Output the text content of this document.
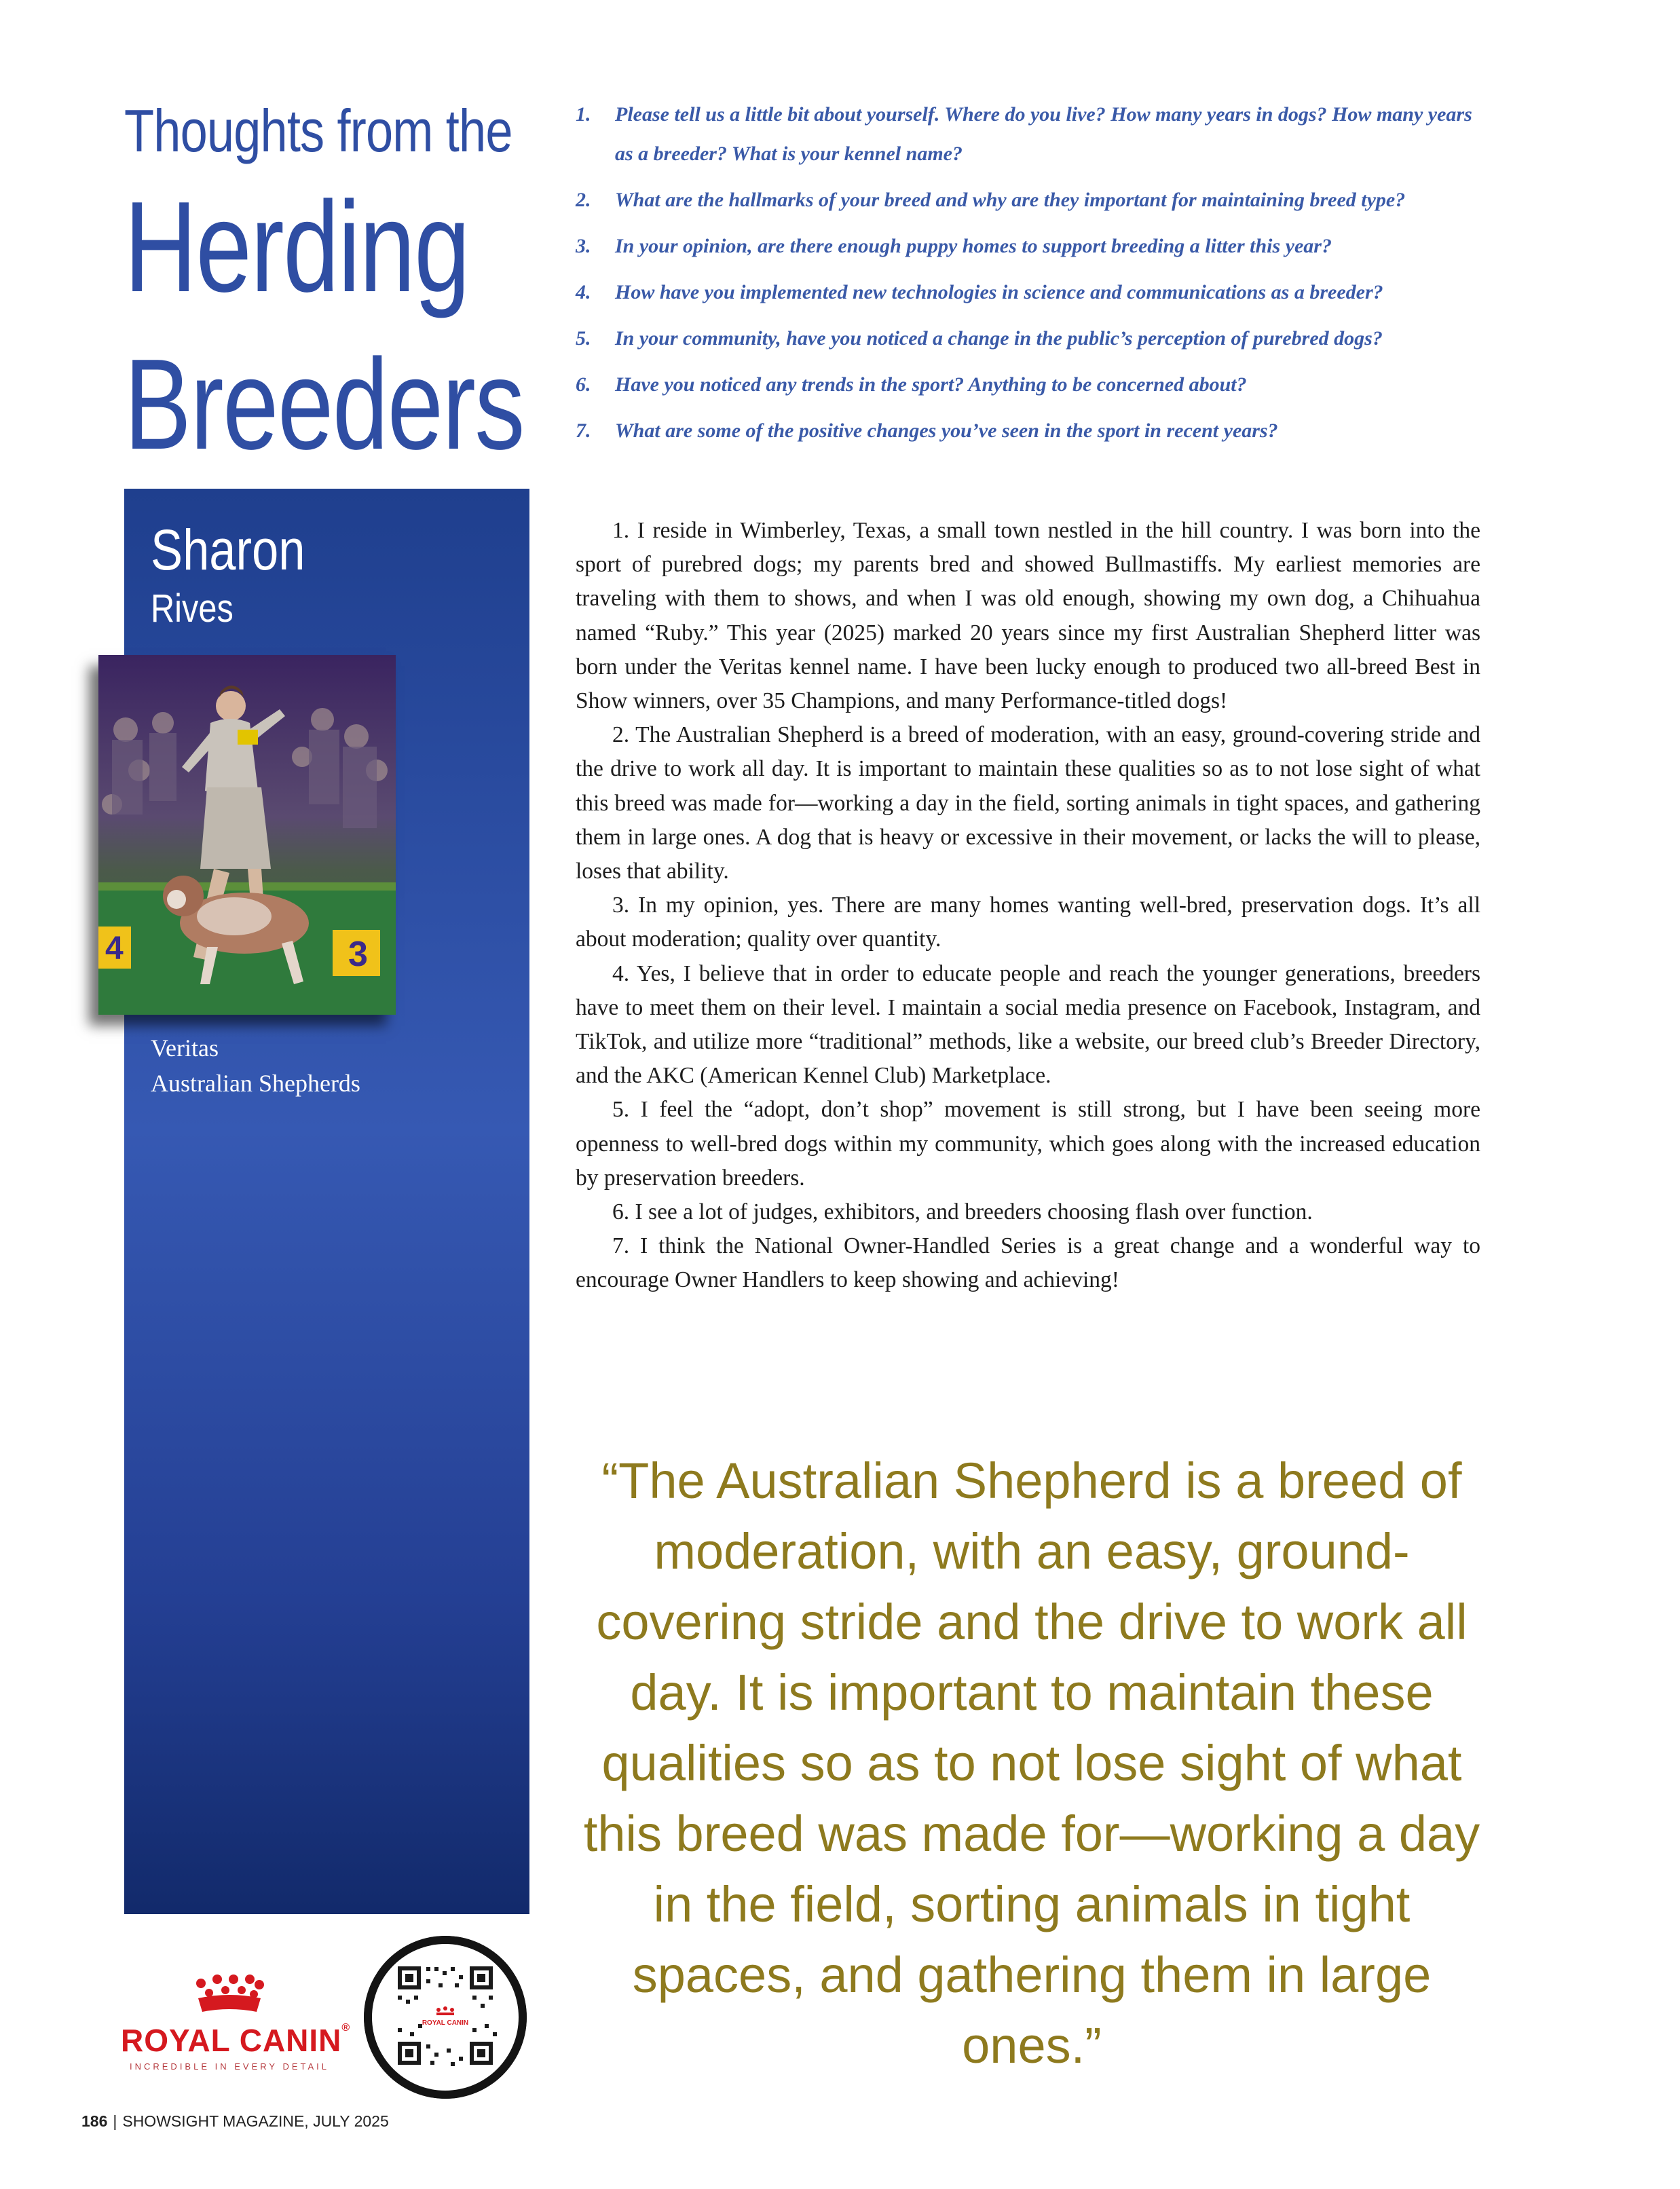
Thoughts from the
Herding
Breeders
1. Please tell us a little bit about yourself. Where do you live? How many years in dogs? How many years as a breeder? What is your kennel name?
2. What are the hallmarks of your breed and why are they important for maintaining breed type?
3. In your opinion, are there enough puppy homes to support breeding a litter this year?
4. How have you implemented new technologies in science and communications as a breeder?
5. In your community, have you noticed a change in the public’s perception of purebred dogs?
6. Have you noticed any trends in the sport? Anything to be concerned about?
7. What are some of the positive changes you’ve seen in the sport in recent years?
Sharon
Rives
4	3
Veritas
Australian Shepherds

1. I reside in Wimberley, Texas, a small town nestled in the hill country. I was born into the sport of purebred dogs; my parents bred and showed Bullmastiffs. My earliest memories are traveling with them to shows, and when I was old enough, showing my own dog, a Chihuahua named “Ruby.” This year (2025) marked 20 years since my first Australian Shepherd litter was born under the Veritas kennel name. I have been lucky enough to produced two all-breed Best in Show winners, over 35 Champions, and many Performance-titled dogs!

2. The Australian Shepherd is a breed of moderation, with an easy, ground-covering stride and the drive to work all day. It is important to maintain these qualities so as to not lose sight of what this breed was made for—working a day in the field, sorting animals in tight spaces, and gathering them in large ones. A dog that is heavy or excessive in their movement, or lacks the will to please, loses that ability.

3. In my opinion, yes. There are many homes wanting well-bred, preservation dogs. It’s all about moderation; quality over quantity.

4. Yes, I believe that in order to educate people and reach the younger generations, breeders have to meet them on their level. I maintain a social media presence on Facebook, Instagram, and TikTok, and utilize more “traditional” methods, like a website, our breed club’s Breeder Directory, and the AKC (American Kennel Club) Marketplace.

5. I feel the “adopt, don’t shop” movement is still strong, but I have been seeing more openness to well-bred dogs within my community, which goes along with the increased education by preservation breeders.

6. I see a lot of judges, exhibitors, and breeders choosing flash over function.

7. I think the National Owner-Handled Series is a great change and a wonderful way to encourage Owner Handlers to keep showing and achieving!

“The Australian Shepherd is a breed of moderation, with an easy, ground-covering stride and the drive to work all day. It is important to maintain these qualities so as to not lose sight of what this breed was made for—working a day in the field, sorting animals in tight spaces, and gathering them in large ones.”
ROYAL CANIN®
INCREDIBLE IN EVERY DETAIL
ROYAL CANIN
186 | SHOWSIGHT MAGAZINE, JULY 2025
